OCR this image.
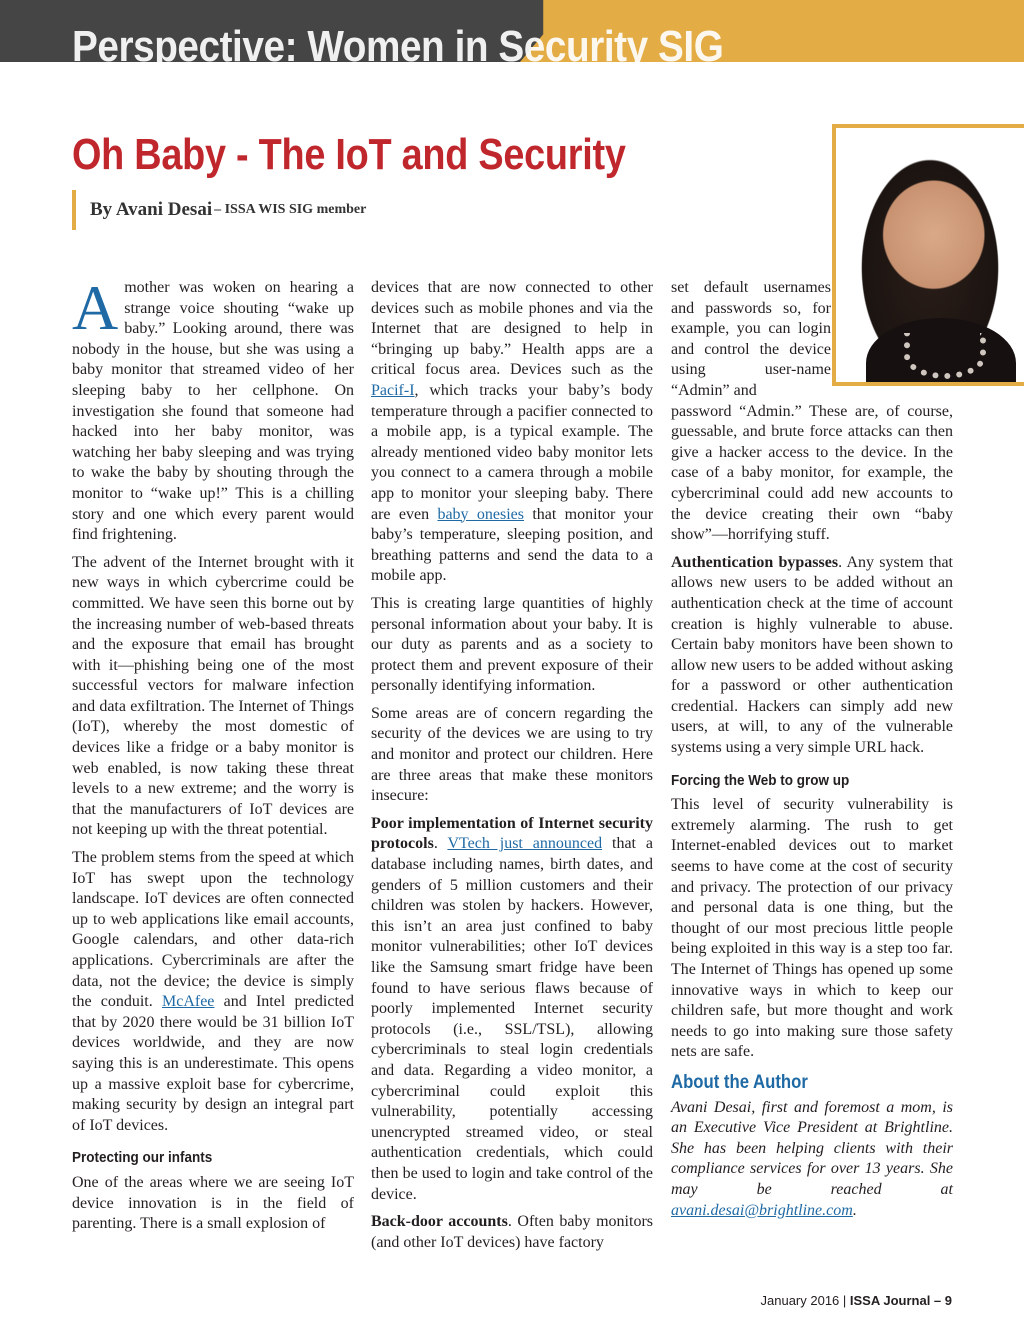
Perspective: Women in Security SIG
Oh Baby - The IoT and Security
By Avani Desai – ISSA WIS SIG member

Amother was woken on hearing a strange voice shouting “wake up baby.” Looking around, there was nobody in the house, but she was using a baby monitor that streamed video of her sleeping baby to her cellphone. On investigation she found that someone had hacked into her baby monitor, was watching her baby sleeping and was trying to wake the baby by shouting through the monitor to “wake up!” This is a chilling story and one which every parent would find frightening.

The advent of the Internet brought with it new ways in which cybercrime could be committed. We have seen this borne out by the increasing number of web-based threats and the exposure that email has brought with it—phishing being one of the most successful vectors for malware infection and data exfiltration. The Internet of Things (IoT), whereby the most domestic of devices like a fridge or a baby monitor is web enabled, is now taking these threat levels to a new extreme; and the worry is that the manufacturers of IoT devices are not keeping up with the threat potential.

The problem stems from the speed at which IoT has swept upon the technology landscape. IoT devices are often connected up to web applications like email accounts, Google calendars, and other data-rich applications. Cybercriminals are after the data, not the device; the device is simply the conduit. McAfee and Intel predicted that by 2020 there would be 31 billion IoT devices worldwide, and they are now saying this is an underestimate. This opens up a massive exploit base for cybercrime, making security by design an integral part of IoT devices.

Protecting our infants

One of the areas where we are seeing IoT device innovation is in the field of parenting. There is a small explosion of

devices that are now connected to other devices such as mobile phones and via the Internet that are designed to help in “bringing up baby.” Health apps are a critical focus area. Devices such as the Pacif-I, which tracks your baby’s body temperature through a pacifier connected to a mobile app, is a typical example. The already mentioned video baby monitor lets you connect to a camera through a mobile app to monitor your sleeping baby. There are even baby onesies that monitor your baby’s temperature, sleeping position, and breathing patterns and send the data to a mobile app.

This is creating large quantities of highly personal information about your baby. It is our duty as parents and as a society to protect them and prevent exposure of their personally identifying information.

Some areas are of concern regarding the security of the devices we are using to try and monitor and protect our children. Here are three areas that make these monitors insecure:

Poor implementation of Internet security protocols. VTech just announced that a database including names, birth dates, and genders of 5 million customers and their children was stolen by hackers. However, this isn’t an area just confined to baby monitor vulnerabilities; other IoT devices like the Samsung smart fridge have been found to have serious flaws because of poorly implemented Internet security protocols (i.e., SSL/TSL), allowing cybercriminals to steal login credentials and data. Regarding a video monitor, a cybercriminal could exploit this vulnerability, potentially accessing unencrypted streamed video, or steal authentication credentials, which could then be used to login and take control of the device.

Back-door accounts. Often baby monitors (and other IoT devices) have factory

set default usernames and passwords so, for example, you can login and control the device using user-name “Admin” and
password “Admin.” These are, of course, guessable, and brute force attacks can then give a hacker access to the device. In the case of a baby monitor, for example, the cybercriminal could add new accounts to the device creating their own “baby show”—horrifying stuff.

Authentication bypasses. Any system that allows new users to be added without an authentication check at the time of account creation is highly vulnerable to abuse. Certain baby monitors have been shown to allow new users to be added without asking for a password or other authentication credential. Hackers can simply add new users, at will, to any of the vulnerable systems using a very simple URL hack.

Forcing the Web to grow up

This level of security vulnerability is extremely alarming. The rush to get Internet-enabled devices out to market seems to have come at the cost of security and privacy. The protection of our privacy and personal data is one thing, but the thought of our most precious little people being exploited in this way is a step too far. The Internet of Things has opened up some innovative ways in which to keep our children safe, but more thought and work needs to go into making sure those safety nets are safe.

About the Author

Avani Desai, first and foremost a mom, is an Executive Vice President at Brightline. She has been helping clients with their compliance services for over 13 years. She may be reached at avani.desai@brightline.com.

January 2016 | ISSA Journal – 9
